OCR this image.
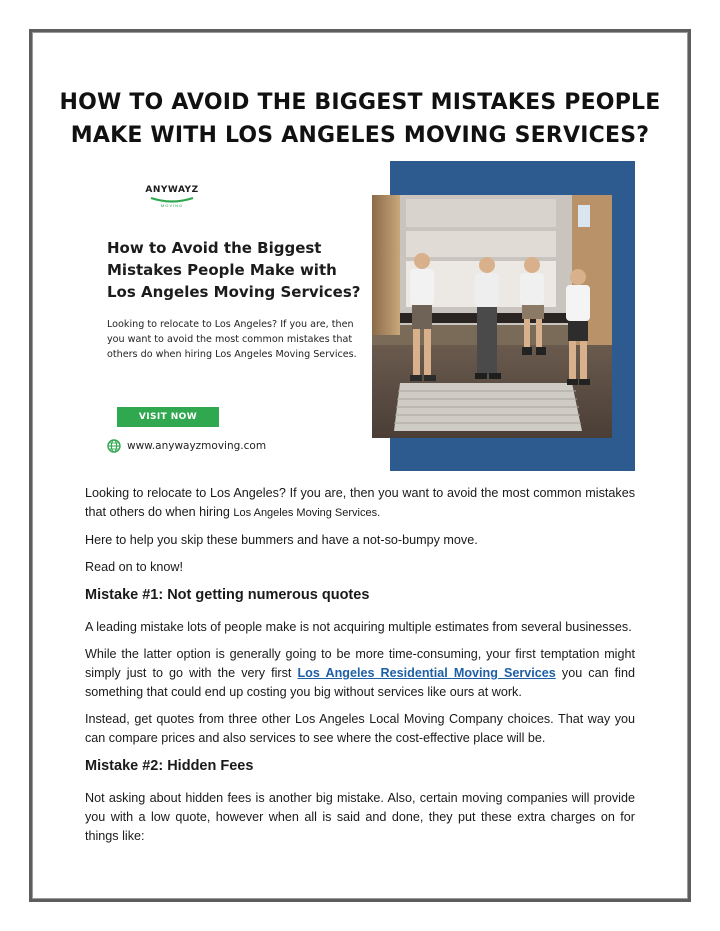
HOW TO AVOID THE BIGGEST MISTAKES PEOPLE MAKE WITH LOS ANGELES MOVING SERVICES?
ANYWAYZ
MOVING
How to Avoid the Biggest Mistakes People Make with Los Angeles Moving Services?
Looking to relocate to Los Angeles? If you are, then you want to avoid the most common mistakes that others do when hiring Los Angeles Moving Services.
VISIT NOW
www.anywayzmoving.com
Looking to relocate to Los Angeles? If you are, then you want to avoid the most common mistakes that others do when hiring Los Angeles Moving Services.
Here to help you skip these bummers and have a not-so-bumpy move.
Read on to know!
Mistake #1: Not getting numerous quotes
A leading mistake lots of people make is not acquiring multiple estimates from several businesses.
While the latter option is generally going to be more time-consuming, your first temptation might simply just to go with the very first Los Angeles Residential Moving Services you can find something that could end up costing you big without services like ours at work.
Instead, get quotes from three other Los Angeles Local Moving Company choices. That way you can compare prices and also services to see where the cost-effective place will be.
Mistake #2: Hidden Fees
Not asking about hidden fees is another big mistake. Also, certain moving companies will provide you with a low quote, however when all is said and done, they put these extra charges on for things like:
